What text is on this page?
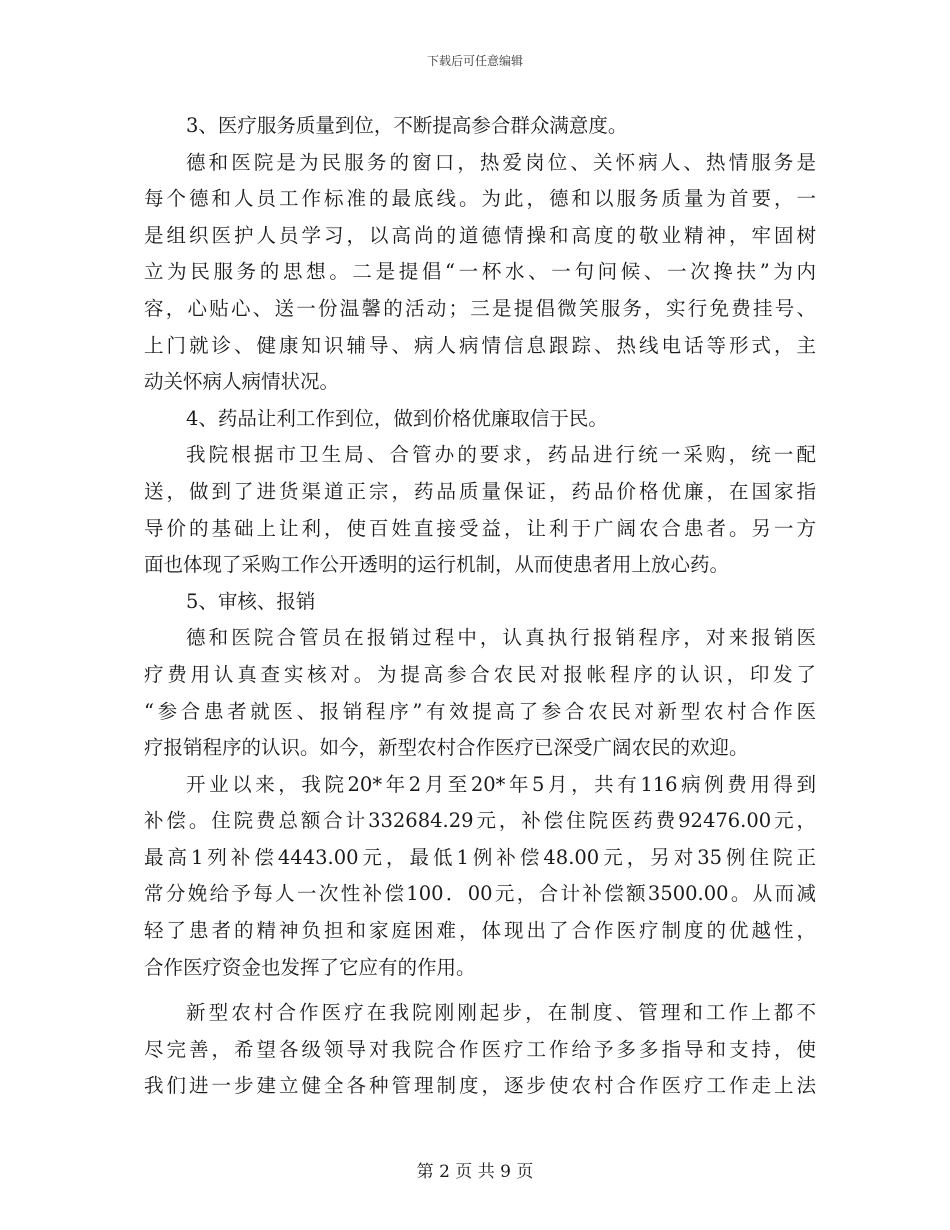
下载后可任意编辑
3、医疗服务质量到位，不断提高参合群众满意度。
德和医院是为民服务的窗口，热爱岗位、关怀病人、热情服务是
每个德和人员工作标准的最底线。为此，德和以服务质量为首要，一
是组织医护人员学习，以高尚的道德情操和高度的敬业精神，牢固树
立为民服务的思想。二是提倡“一杯水、一句问候、一次搀扶”为内
容，心贴心、送一份温馨的活动；三是提倡微笑服务，实行免费挂号、
上门就诊、健康知识辅导、病人病情信息跟踪、热线电话等形式，主
动关怀病人病情状况。
4、药品让利工作到位，做到价格优廉取信于民。
我院根据市卫生局、合管办的要求，药品进行统一采购，统一配
送，做到了进货渠道正宗，药品质量保证，药品价格优廉，在国家指
导价的基础上让利，使百姓直接受益，让利于广阔农合患者。另一方
面也体现了采购工作公开透明的运行机制，从而使患者用上放心药。
5、审核、报销
德和医院合管员在报销过程中，认真执行报销程序，对来报销医
疗费用认真查实核对。为提高参合农民对报帐程序的认识，印发了
“参合患者就医、报销程序”有效提高了参合农民对新型农村合作医
疗报销程序的认识。如今，新型农村合作医疗已深受广阔农民的欢迎。
开业以来，我院20*年2月至20*年5月，共有116病例费用得到
补偿。住院费总额合计332684.29元，补偿住院医药费92476.00元，
最高1列补偿4443.00元，最低1例补偿48.00元，另对35例住院正
常分娩给予每人一次性补偿100．00元，合计补偿额3500.00。从而减
轻了患者的精神负担和家庭困难，体现出了合作医疗制度的优越性，
合作医疗资金也发挥了它应有的作用。
新型农村合作医疗在我院刚刚起步，在制度、管理和工作上都不
尽完善，希望各级领导对我院合作医疗工作给予多多指导和支持，使
我们进一步建立健全各种管理制度，逐步使农村合作医疗工作走上法
第 2 页 共 9 页
